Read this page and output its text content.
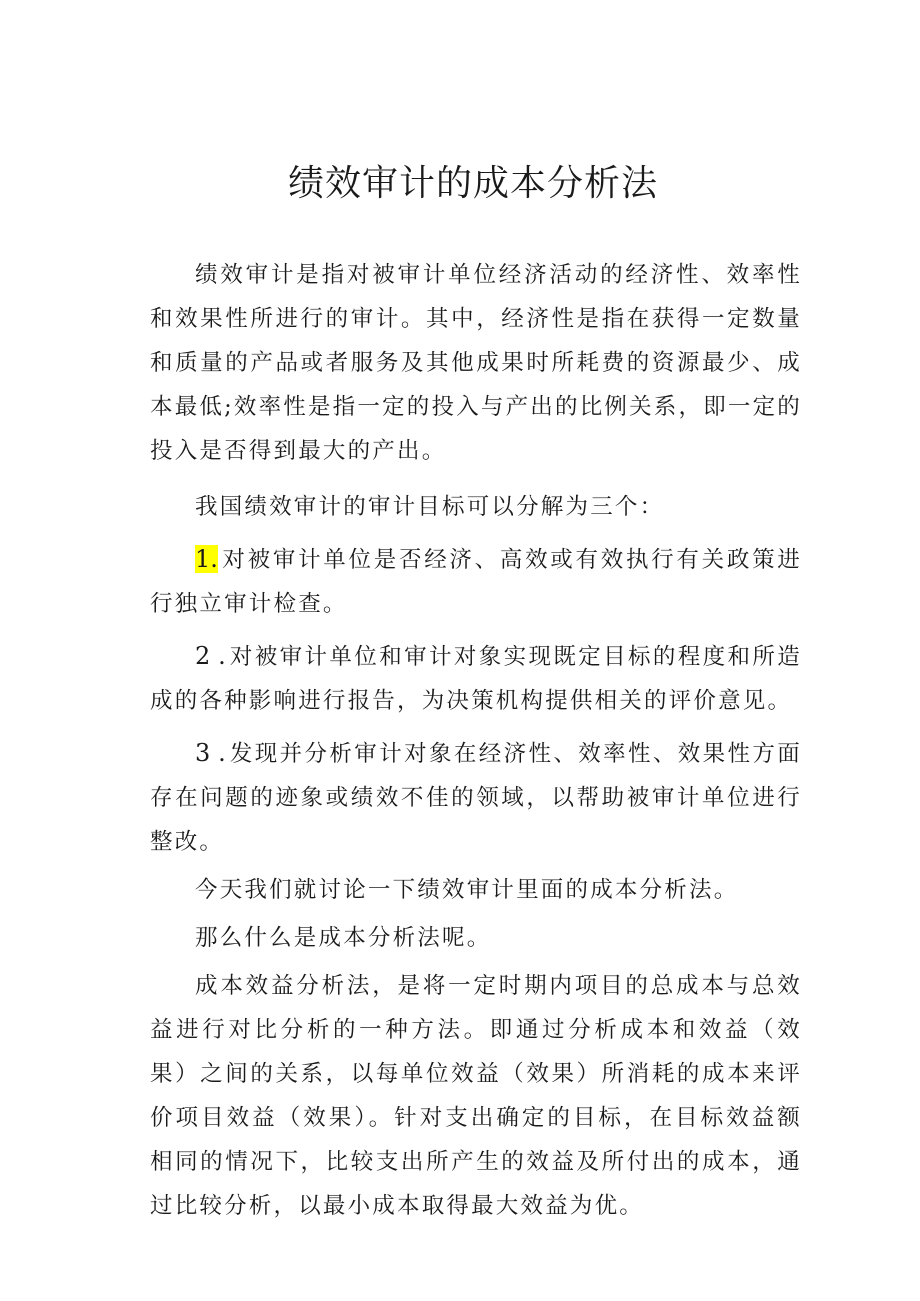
绩效审计的成本分析法

绩效审计是指对被审计单位经济活动的经济性、效率性和效果性所进行的审计。其中，经济性是指在获得一定数量和质量的产品或者服务及其他成果时所耗费的资源最少、成本最低;效率性是指一定的投入与产出的比例关系，即一定的投入是否得到最大的产出。

我国绩效审计的审计目标可以分解为三个：

1. 对被审计单位是否经济、高效或有效执行有关政策进行独立审计检查。

2 . 对被审计单位和审计对象实现既定目标的程度和所造成的各种影响进行报告，为决策机构提供相关的评价意见。

3 . 发现并分析审计对象在经济性、效率性、效果性方面存在问题的迹象或绩效不佳的领域，以帮助被审计单位进行整改。

今天我们就讨论一下绩效审计里面的成本分析法。

那么什么是成本分析法呢。

成本效益分析法，是将一定时期内项目的总成本与总效益进行对比分析的一种方法。即通过分析成本和效益（效果）之间的关系，以每单位效益（效果）所消耗的成本来评价项目效益（效果）。针对支出确定的目标，在目标效益额相同的情况下，比较支出所产生的效益及所付出的成本，通过比较分析，以最小成本取得最大效益为优。
